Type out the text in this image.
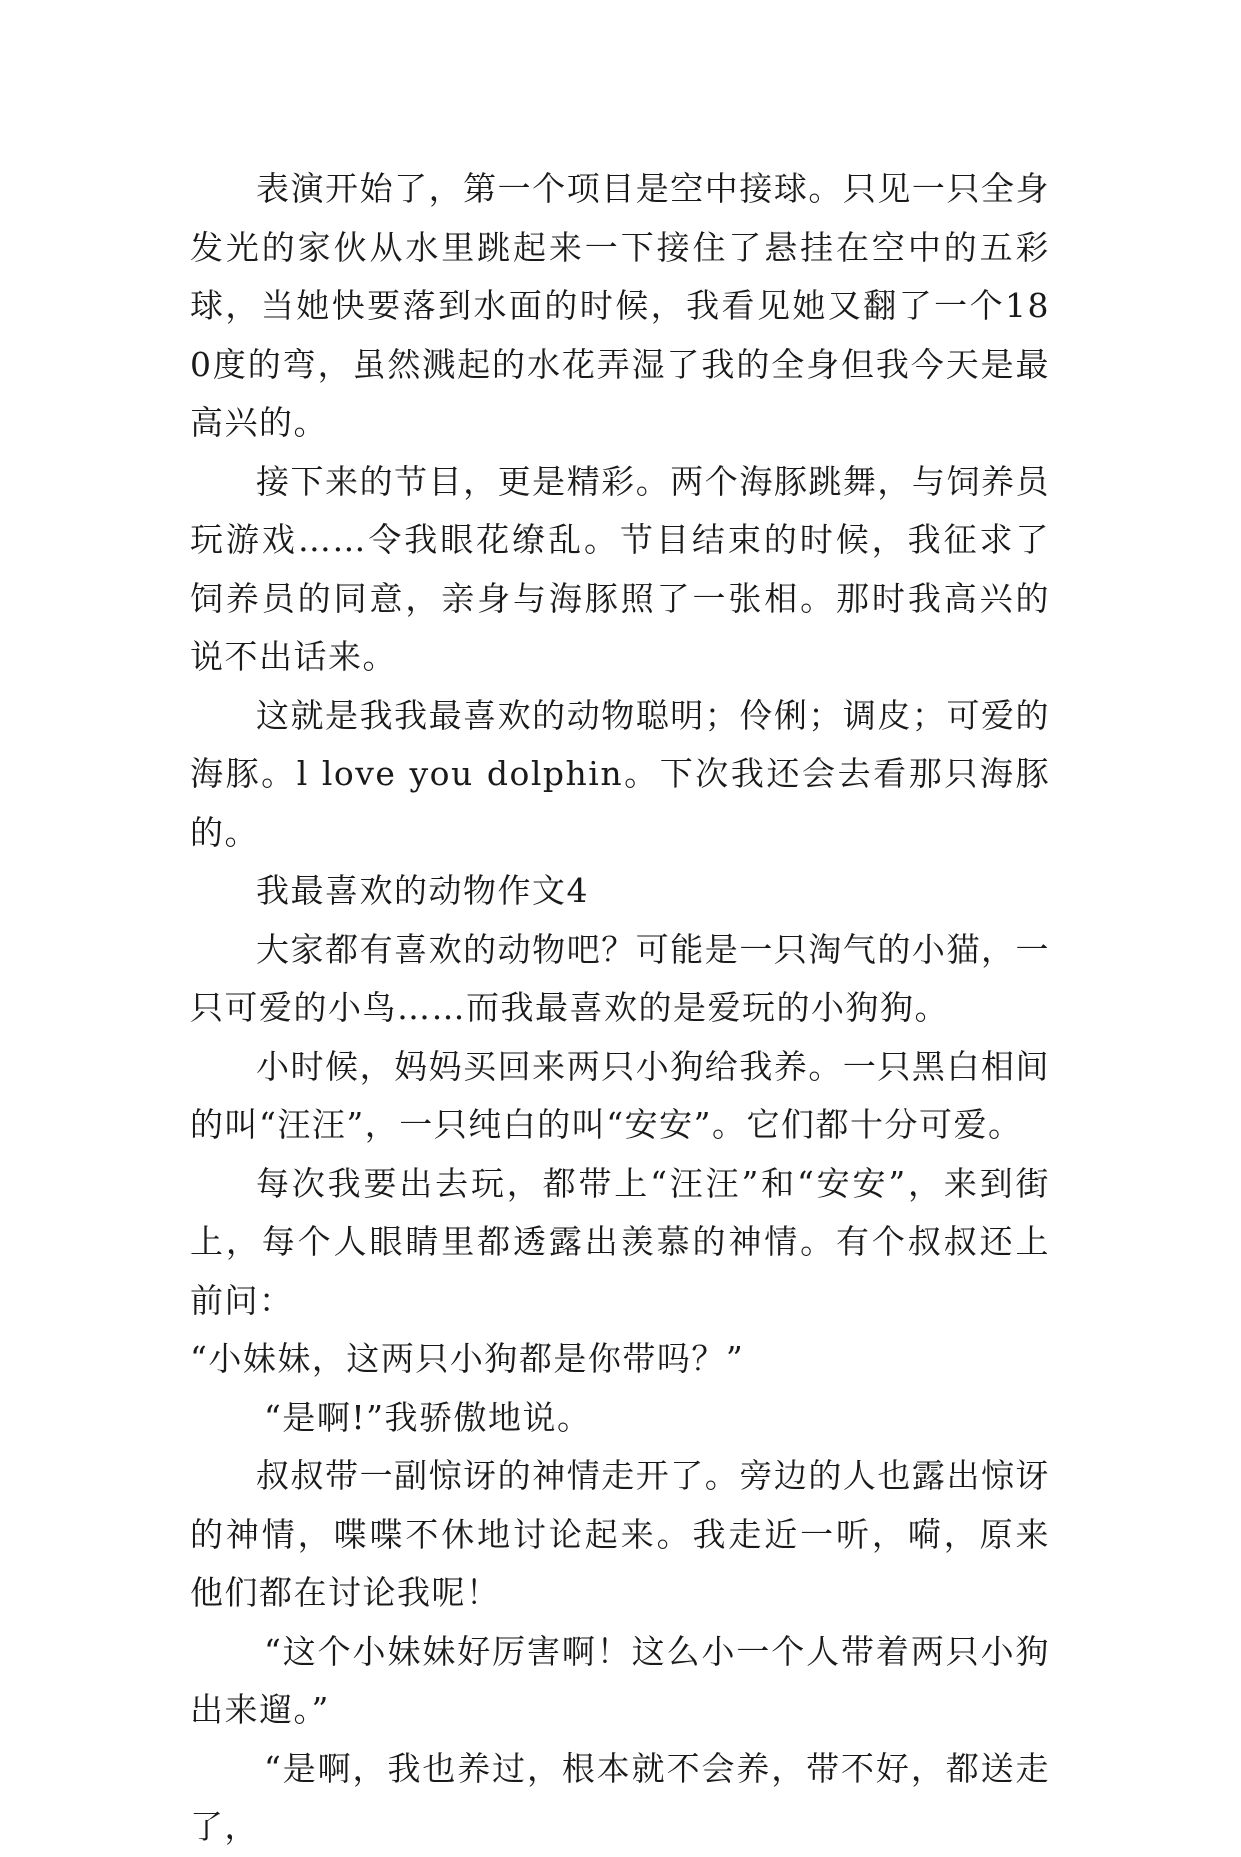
表演开始了，第一个项目是空中接球。只见一只全身发光的家伙从水里跳起来一下接住了悬挂在空中的五彩球，当她快要落到水面的时候，我看见她又翻了一个180度的弯，虽然溅起的水花弄湿了我的全身但我今天是最高兴的。

接下来的节目，更是精彩。两个海豚跳舞，与饲养员玩游戏……令我眼花缭乱。节目结束的时候，我征求了饲养员的同意，亲身与海豚照了一张相。那时我高兴的说不出话来。

这就是我我最喜欢的动物聪明；伶俐；调皮；可爱的海豚。l love you dolphin。下次我还会去看那只海豚的。

我最喜欢的动物作文4

大家都有喜欢的动物吧？可能是一只淘气的小猫，一只可爱的小鸟……而我最喜欢的是爱玩的小狗狗。

小时候，妈妈买回来两只小狗给我养。一只黑白相间的叫“汪汪”，一只纯白的叫“安安”。它们都十分可爱。

每次我要出去玩，都带上“汪汪”和“安安”，来到街上，每个人眼睛里都透露出羡慕的神情。有个叔叔还上前问：

“小妹妹，这两只小狗都是你带吗？”

“是啊!”我骄傲地说。

叔叔带一副惊讶的神情走开了。旁边的人也露出惊讶的神情，喋喋不休地讨论起来。我走近一听，嗬，原来他们都在讨论我呢！

“这个小妹妹好厉害啊！这么小一个人带着两只小狗出来遛。”

“是啊，我也养过，根本就不会养，带不好，都送走了，
